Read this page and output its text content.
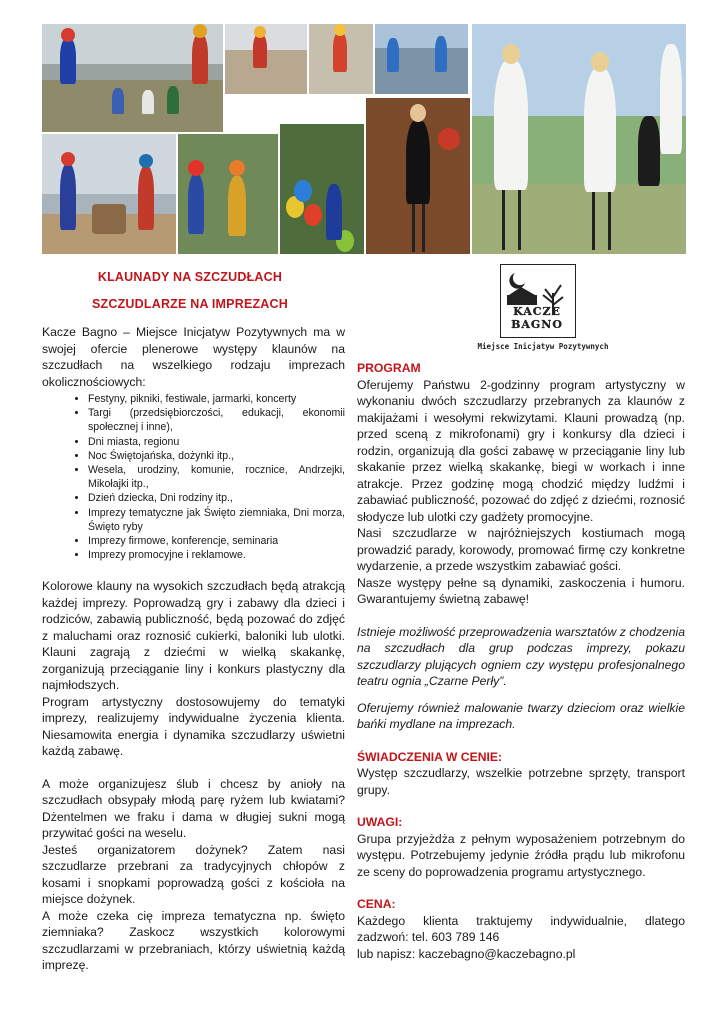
KLAUNADY NA SZCZUDŁACH
SZCZUDLARZE NA IMPREZACH
KACZE
BAGNO
Miejsce Inicjatyw Pozytywnych

Kacze Bagno – Miejsce Inicjatyw Pozytywnych ma w swojej ofercie plenerowe występy klaunów na szczudłach na wszelkiego rodzaju imprezach okolicznościowych:

• Festyny, pikniki, festiwale, jarmarki, koncerty
• Targi (przedsiębiorczości, edukacji, ekonomii społecznej i inne),
• Dni miasta, regionu
• Noc Świętojańska, dożynki itp.,
• Wesela, urodziny, komunie, rocznice, Andrzejki, Mikołajki itp.,
• Dzień dziecka, Dni rodziny itp.,
• Imprezy tematyczne jak Święto ziemniaka, Dni morza, Święto ryby
• Imprezy firmowe, konferencje, seminaria
• Imprezy promocyjne i reklamowe.

Kolorowe klauny na wysokich szczudłach będą atrakcją każdej imprezy. Poprowadzą gry i zabawy dla dzieci i rodziców, zabawią publiczność, będą pozować do zdjęć z maluchami oraz roznosić cukierki, baloniki lub ulotki. Klauni zagrają z dziećmi w wielką skakankę, zorganizują przeciąganie liny i konkurs plastyczny dla najmłodszych.

Program artystyczny dostosowujemy do tematyki imprezy, realizujemy indywidualne życzenia klienta. Niesamowita energia i dynamika szczudlarzy uświetni każdą zabawę.

A może organizujesz ślub i chcesz by anioły na szczudłach obsypały młodą parę ryżem lub kwiatami? Dżentelmen we fraku i dama w długiej sukni mogą przywitać gości na weselu.

Jesteś organizatorem dożynek? Zatem nasi szczudlarze przebrani za tradycyjnych chłopów z kosami i snopkami poprowadzą gości z kościoła na miejsce dożynek.

A może czeka cię impreza tematyczna np. święto ziemniaka? Zaskocz wszystkich kolorowymi szczudlarzami w przebraniach, którzy uświetnią każdą imprezę.

PROGRAM

Oferujemy Państwu 2-godzinny program artystyczny w wykonaniu dwóch szczudlarzy przebranych za klaunów z makijażami i wesołymi rekwizytami. Klauni prowadzą (np. przed sceną z mikrofonami) gry i konkursy dla dzieci i rodzin, organizują dla gości zabawę w przeciąganie liny lub skakanie przez wielką skakankę, biegi w workach i inne atrakcje. Przez godzinę mogą chodzić między ludźmi i zabawiać publiczność, pozować do zdjęć z dziećmi, roznosić słodycze lub ulotki czy gadżety promocyjne.

Nasi szczudlarze w najróżniejszych kostiumach mogą prowadzić parady, korowody, promować firmę czy konkretne wydarzenie, a przede wszystkim zabawiać gości.

Nasze występy pełne są dynamiki, zaskoczenia i humoru. Gwarantujemy świetną zabawę!

Istnieje możliwość przeprowadzenia warsztatów z chodzenia na szczudłach dla grup podczas imprezy, pokazu szczudlarzy plujących ogniem czy występu profesjonalnego teatru ognia „Czarne Perły”.

Oferujemy również malowanie twarzy dzieciom oraz wielkie bańki mydlane na imprezach.

ŚWIADCZENIA W CENIE:

Występ szczudlarzy, wszelkie potrzebne sprzęty, transport grupy.

UWAGI:

Grupa przyjeżdża z pełnym wyposażeniem potrzebnym do występu. Potrzebujemy jedynie źródła prądu lub mikrofonu ze sceny do poprowadzenia programu artystycznego.

CENA:

Każdego klienta traktujemy indywidualnie, dlatego

zadzwoń: tel. 603 789 146

lub napisz: kaczebagno@kaczebagno.pl
